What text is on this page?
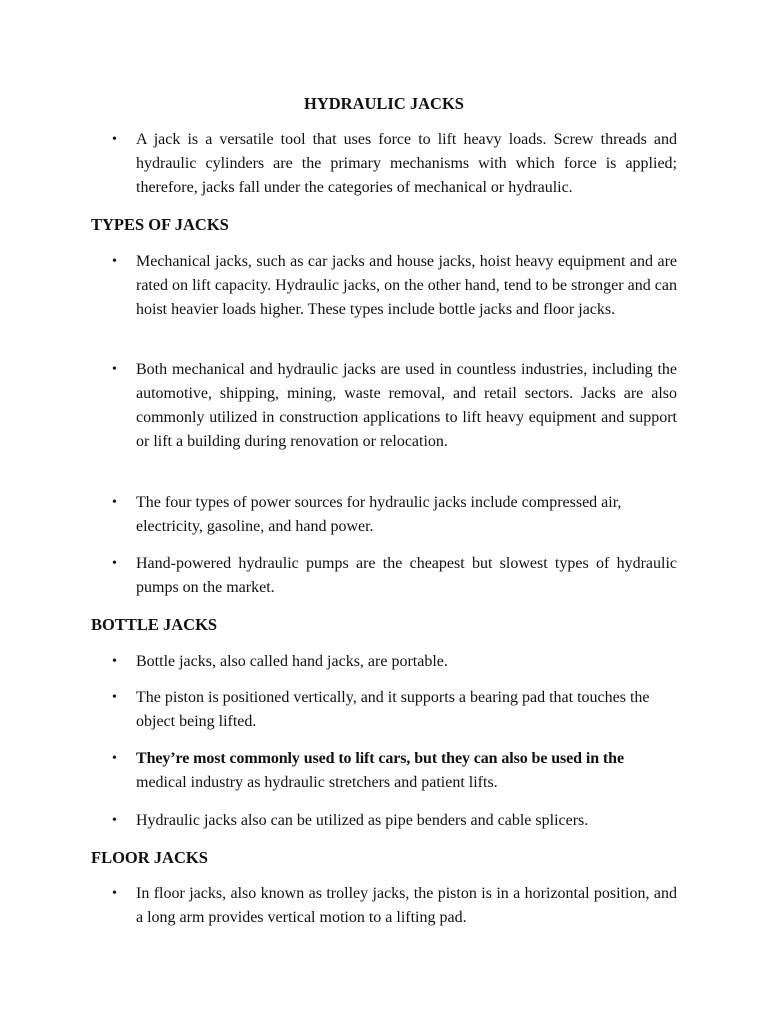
HYDRAULIC JACKS
•	A jack is a versatile tool that uses force to lift heavy loads. Screw threads and hydraulic cylinders are the primary mechanisms with which force is applied; therefore, jacks fall under the categories of mechanical or hydraulic.
TYPES OF JACKS
•	Mechanical jacks, such as car jacks and house jacks, hoist heavy equipment and are rated on lift capacity. Hydraulic jacks, on the other hand, tend to be stronger and can hoist heavier loads higher. These types include bottle jacks and floor jacks.
•	Both mechanical and hydraulic jacks are used in countless industries, including the automotive, shipping, mining, waste removal, and retail sectors. Jacks are also commonly utilized in construction applications to lift heavy equipment and support or lift a building during renovation or relocation.
•	The four types of power sources for hydraulic jacks include compressed air, electricity, gasoline, and hand power.
•	Hand-powered hydraulic pumps are the cheapest but slowest types of hydraulic pumps on the market.
BOTTLE JACKS
•	Bottle jacks, also called hand jacks, are portable.
•	The piston is positioned vertically, and it supports a bearing pad that touches the object being lifted.
•	They’re most commonly used to lift cars, but they can also be used in the
medical industry as hydraulic stretchers and patient lifts.
•	Hydraulic jacks also can be utilized as pipe benders and cable splicers.
FLOOR JACKS
•	In floor jacks, also known as trolley jacks, the piston is in a horizontal position, and a long arm provides vertical motion to a lifting pad.
